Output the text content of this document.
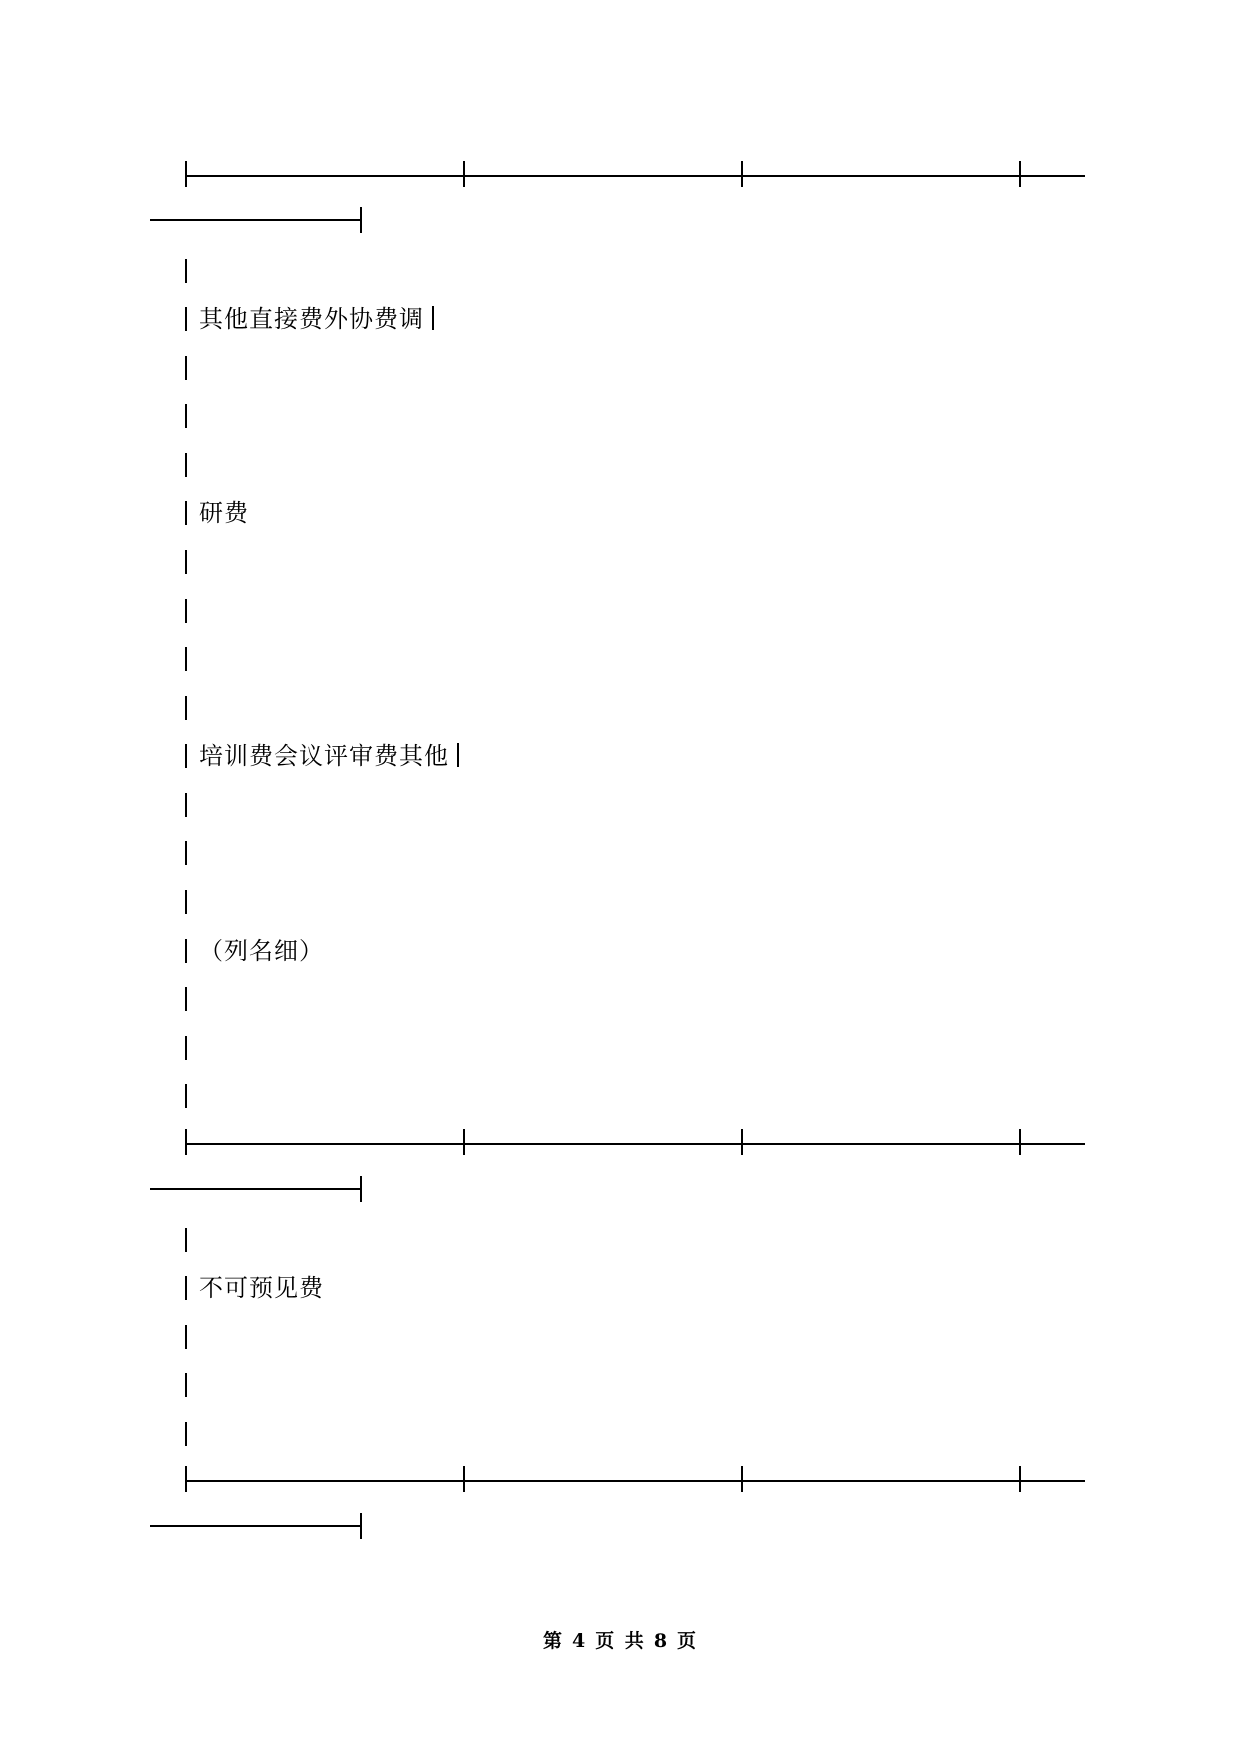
其他直接费外协费调
研费
培训费会议评审费其他
（列名细）
不可预见费
第 4 页 共 8 页
